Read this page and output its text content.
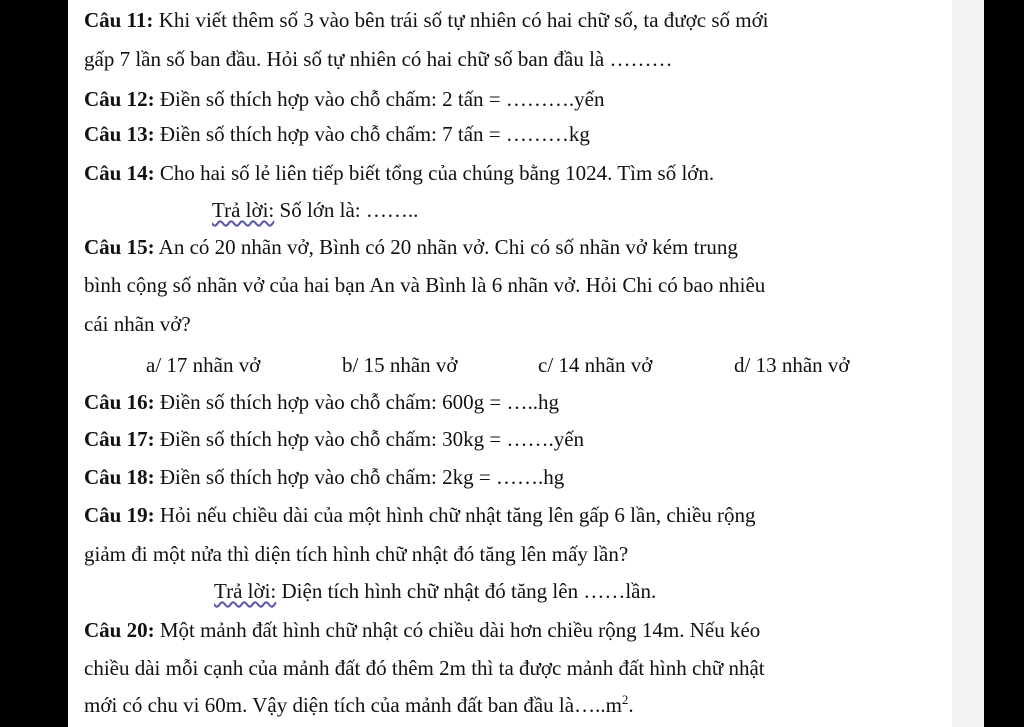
Câu 11: Khi viết thêm số 3 vào bên trái số tự nhiên có hai chữ số, ta được số mới
gấp 7 lần số ban đầu. Hỏi số tự nhiên có hai chữ số ban đầu là ………
Câu 12: Điền số thích hợp vào chỗ chấm: 2 tấn = ……….yến
Câu 13: Điền số thích hợp vào chỗ chấm: 7 tấn = ………kg
Câu 14: Cho hai số lẻ liên tiếp biết tổng của chúng bằng 1024. Tìm số lớn.
Trả lời: Số lớn là: ……..
Câu 15: An có 20 nhãn vở, Bình có 20 nhãn vở. Chi có số nhãn vở kém trung
bình cộng số nhãn vở của hai bạn An và Bình là 6 nhãn vở. Hỏi Chi có bao nhiêu
cái nhãn vở?
a/ 17 nhãn vở	b/ 15 nhãn vở	c/ 14 nhãn vở	d/ 13 nhãn vở
Câu 16: Điền số thích hợp vào chỗ chấm: 600g = …..hg
Câu 17: Điền số thích hợp vào chỗ chấm: 30kg = …….yến
Câu 18: Điền số thích hợp vào chỗ chấm: 2kg = …….hg
Câu 19: Hỏi nếu chiều dài của một hình chữ nhật tăng lên gấp 6 lần, chiều rộng
giảm đi một nửa thì diện tích hình chữ nhật đó tăng lên mấy lần?
Trả lời: Diện tích hình chữ nhật đó tăng lên ……lần.
Câu 20: Một mảnh đất hình chữ nhật có chiều dài hơn chiều rộng 14m. Nếu kéo
chiều dài mỗi cạnh của mảnh đất đó thêm 2m thì ta được mảnh đất hình chữ nhật
mới có chu vi 60m. Vậy diện tích của mảnh đất ban đầu $là\dots..m^2$.
